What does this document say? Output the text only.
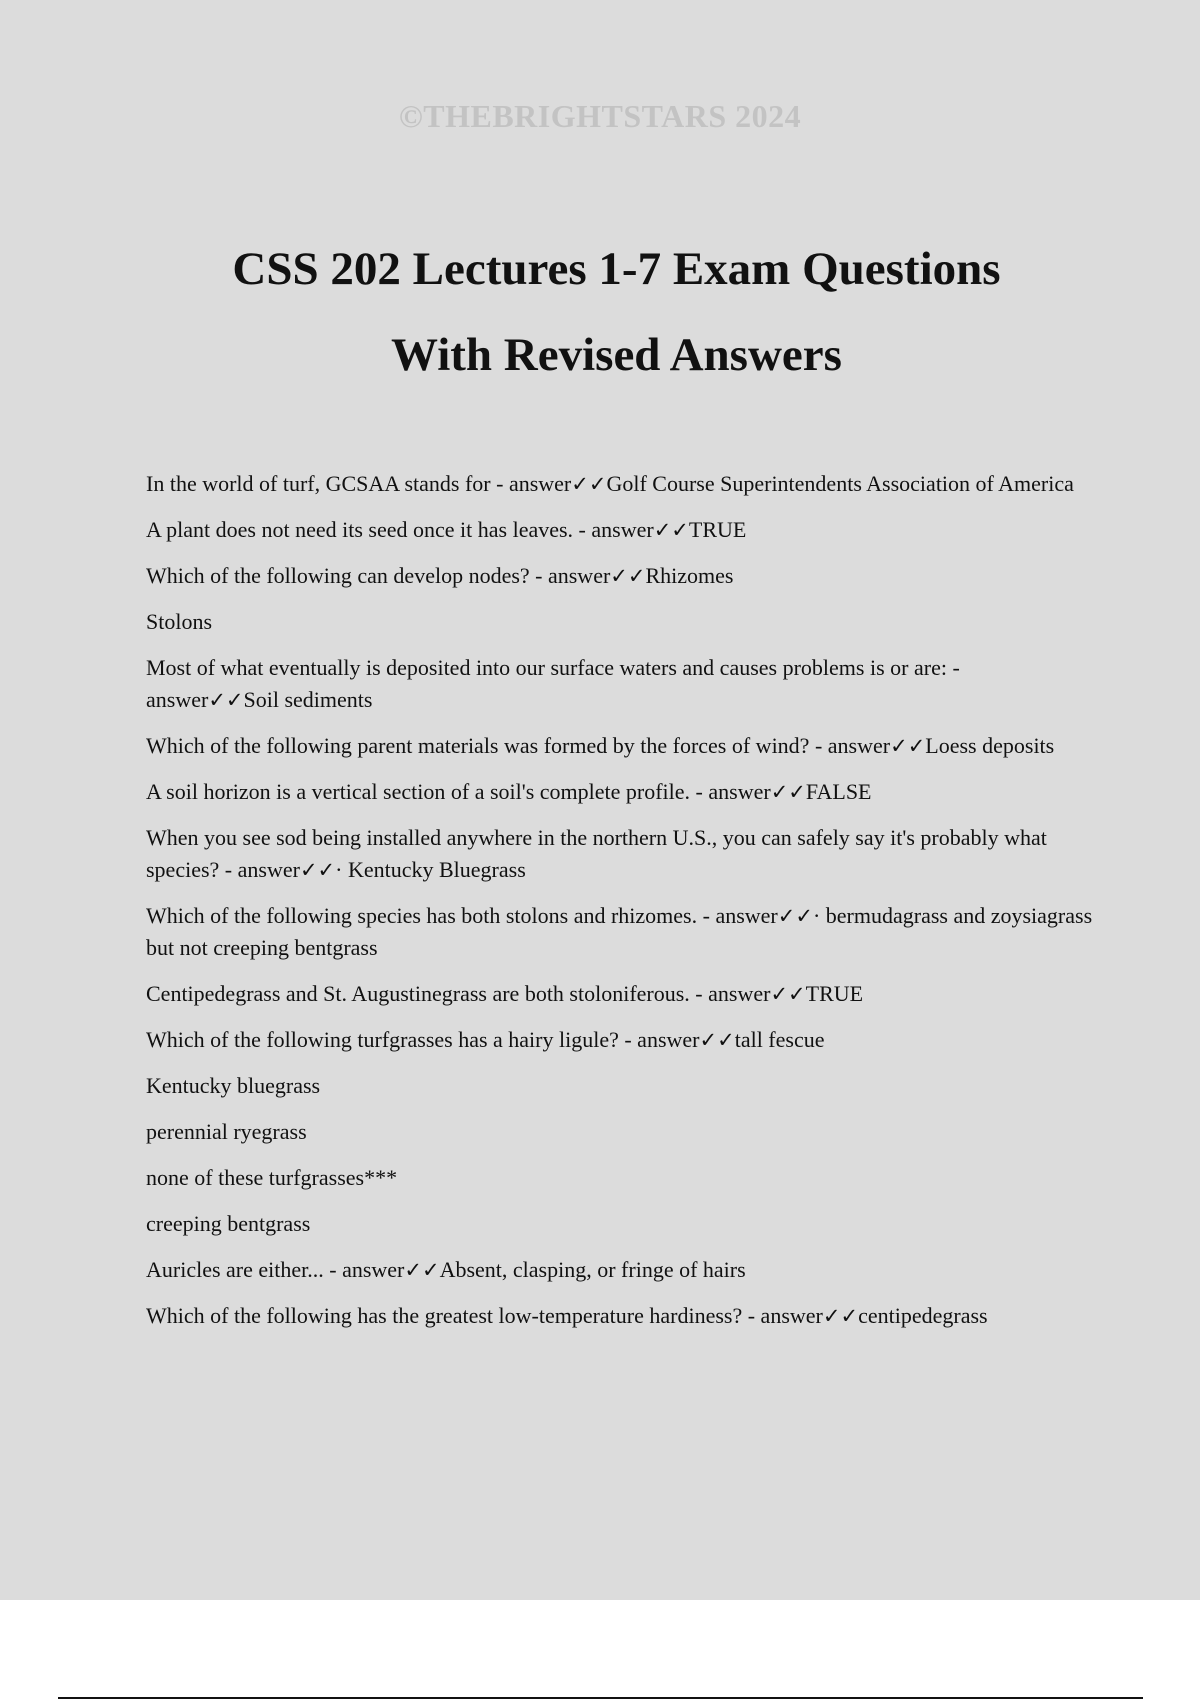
©THEBRIGHTSTARS 2024
CSS 202 Lectures 1-7 Exam Questions
With Revised Answers

In the world of turf, GCSAA stands for - answer✓✓Golf Course Superintendents Association of America

A plant does not need its seed once it has leaves. - answer✓✓TRUE

Which of the following can develop nodes? - answer✓✓Rhizomes

Stolons

Most of what eventually is deposited into our surface waters and causes problems is or are: - answer✓✓Soil sediments

Which of the following parent materials was formed by the forces of wind? - answer✓✓Loess deposits

A soil horizon is a vertical section of a soil's complete profile. - answer✓✓FALSE

When you see sod being installed anywhere in the northern U.S., you can safely say it's probably what species? - answer✓✓· Kentucky Bluegrass

Which of the following species has both stolons and rhizomes. - answer✓✓· bermudagrass and zoysiagrass but not creeping bentgrass

Centipedegrass and St. Augustinegrass are both stoloniferous. - answer✓✓TRUE

Which of the following turfgrasses has a hairy ligule? - answer✓✓tall fescue

Kentucky bluegrass

perennial ryegrass

none of these turfgrasses***

creeping bentgrass

Auricles are either... - answer✓✓Absent, clasping, or fringe of hairs

Which of the following has the greatest low-temperature hardiness? - answer✓✓centipedegrass
